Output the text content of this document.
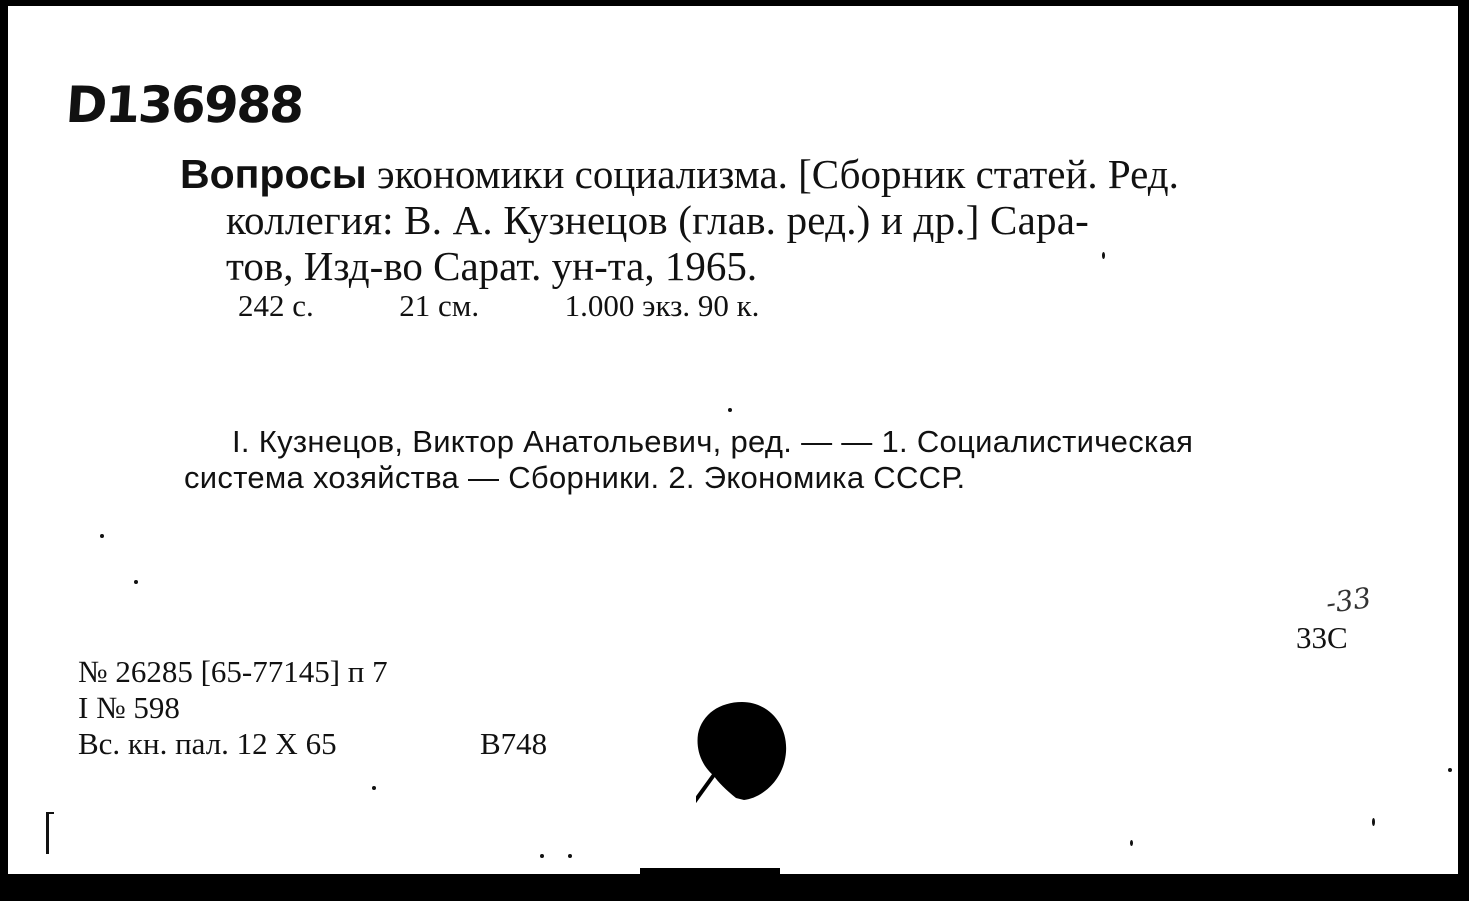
D136988
Вопросы экономики социализма. [Сборник статей. Ред.
коллегия: В. А. Кузнецов (глав. ред.) и др.] Сара-
тов, Изд-во Сарат. ун-та, 1965.
242 с.	21 см.	1.000 экз. 90 к.
I. Кузнецов, Виктор Анатольевич, ред. — — 1. Социалистическая
система хозяйства — Сборники. 2. Экономика СССР.
-33
33С
№ 26285 [65-77145] п 7
I № 598
Вс. кн. пал. 12 X 65	B748
